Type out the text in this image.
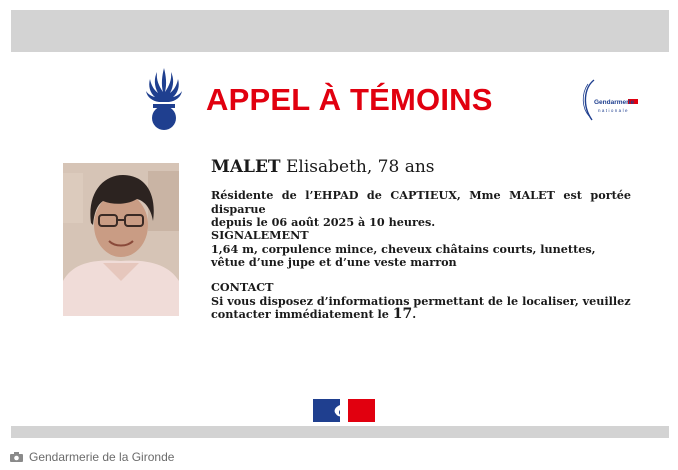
APPEL À TÉMOINS	Gendarmerie
nationale
MALET Elisabeth, 78 ans
Résidente de l’EHPAD de CAPTIEUX, Mme MALET est portée disparue
depuis le 06 août 2025 à 10 heures.
SIGNALEMENT
1,64 m, corpulence mince, cheveux châtains courts, lunettes, vêtue d’une jupe et d’une veste marron
CONTACT
Si vous disposez d’informations permettant de le localiser, veuillez
contacter immédiatement le 17.
Gendarmerie de la Gironde
